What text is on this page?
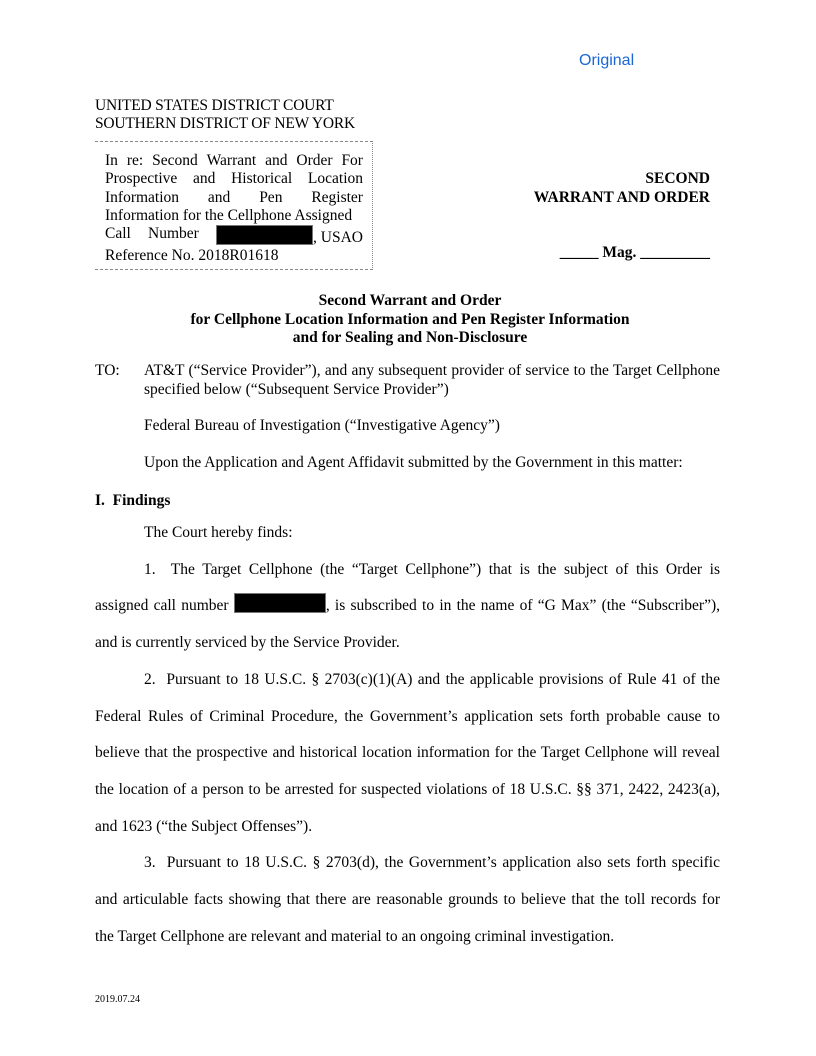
Original
UNITED STATES DISTRICT COURT
SOUTHERN DISTRICT OF NEW YORK
In re: Second Warrant and Order For
Prospective and Historical Location
Information and Pen Register
Information for the Cellphone Assigned
Call Number	, USAO
Reference No. 2018R01618
SECOND
WARRANT AND ORDER
_____ Mag. _________
Second Warrant and Order
for Cellphone Location Information and Pen Register Information
and for Sealing and Non-Disclosure
TO: AT&T (“Service Provider”), and any subsequent provider of service to the Target Cellphone specified below (“Subsequent Service Provider”)
Federal Bureau of Investigation (“Investigative Agency”)
Upon the Application and Agent Affidavit submitted by the Government in this matter:
I.  Findings
The Court hereby finds:
1.  The Target Cellphone (the “Target Cellphone”) that is the subject of this Order is
assigned call number	, is subscribed to in the name of “G Max” (the “Subscriber”),
and is currently serviced by the Service Provider.
2.  Pursuant to 18 U.S.C. § 2703(c)(1)(A) and the applicable provisions of Rule 41 of the
Federal Rules of Criminal Procedure, the Government’s application sets forth probable cause to
believe that the prospective and historical location information for the Target Cellphone will reveal
the location of a person to be arrested for suspected violations of 18 U.S.C. §§ 371, 2422, 2423(a),
and 1623 (“the Subject Offenses”).
3.  Pursuant to 18 U.S.C. § 2703(d), the Government’s application also sets forth specific
and articulable facts showing that there are reasonable grounds to believe that the toll records for
the Target Cellphone are relevant and material to an ongoing criminal investigation.
2019.07.24
